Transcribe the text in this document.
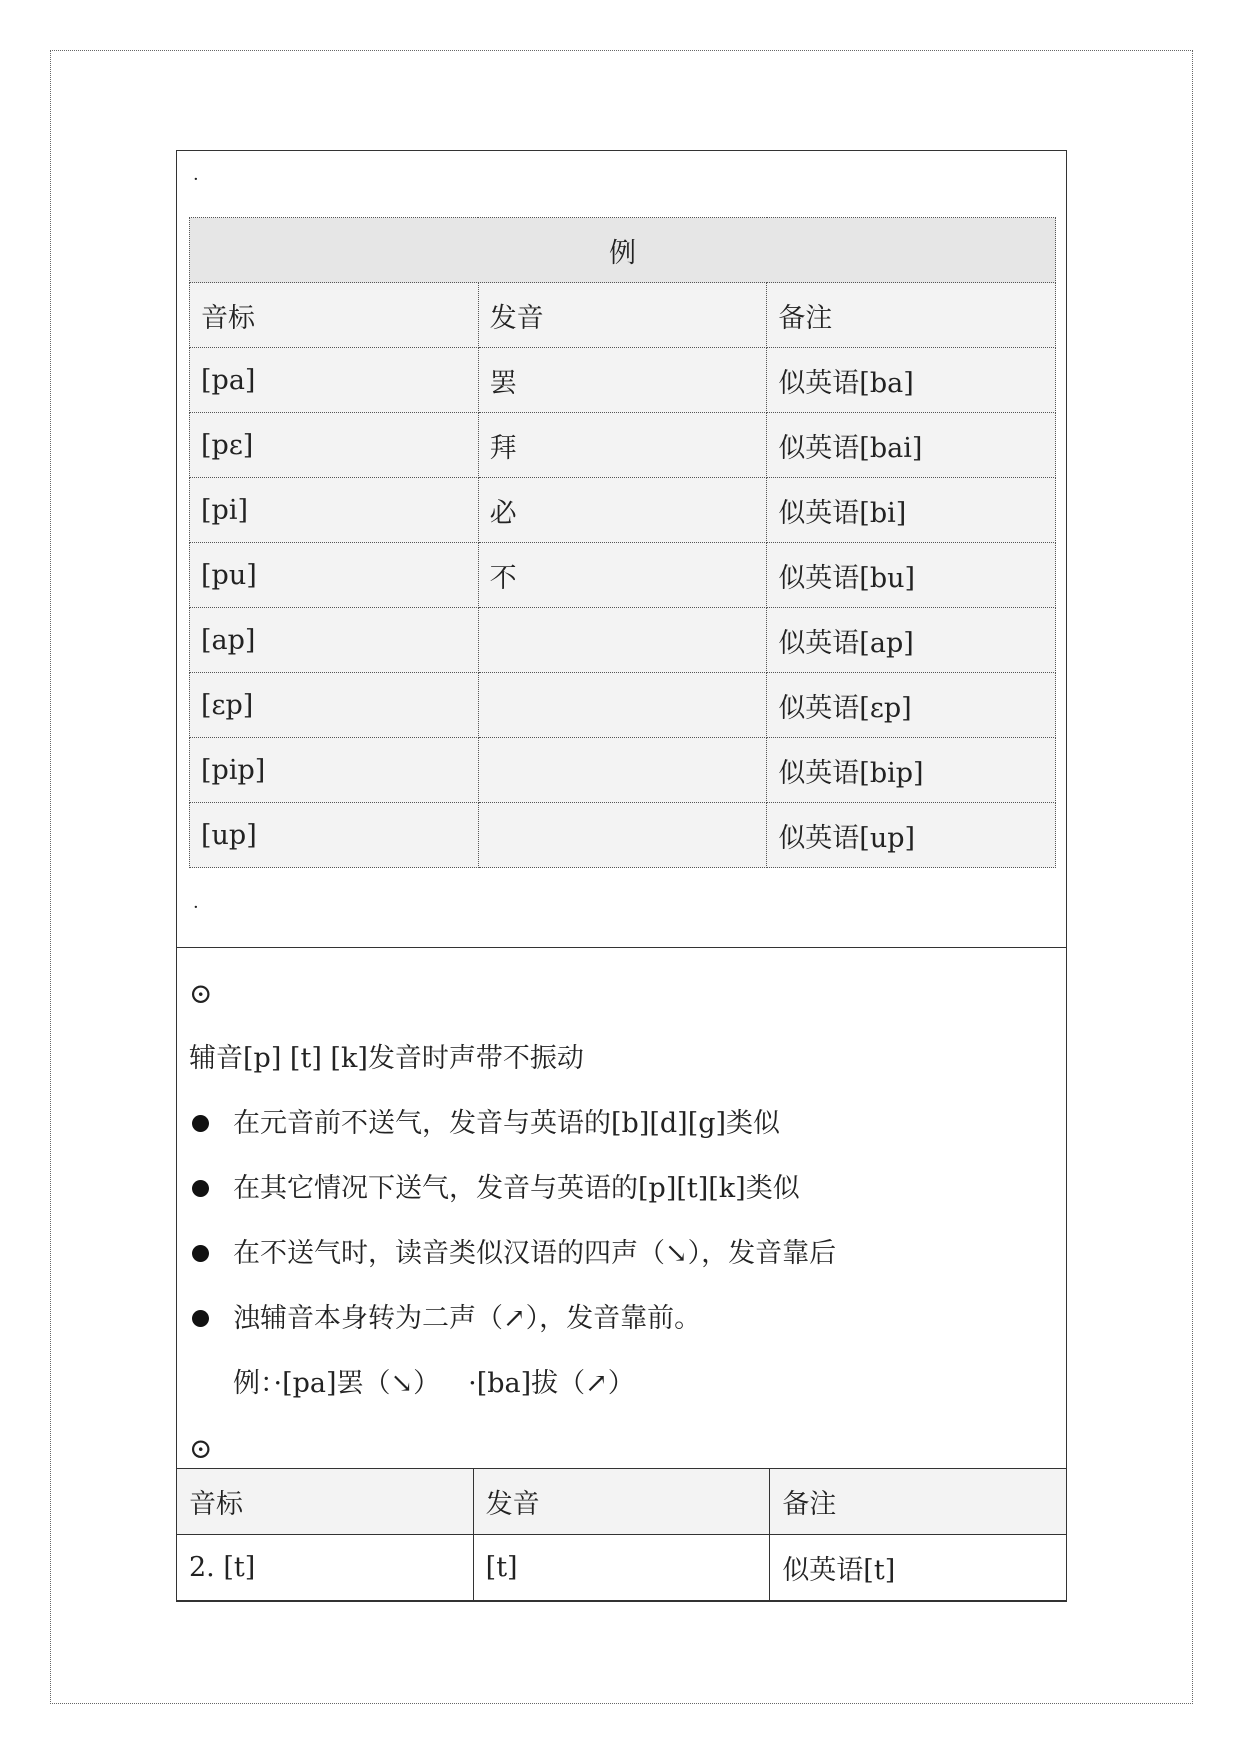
·
例		
音标	发音	备注
[pa]	罢	似英语[ba]
[pε]	拜	似英语[bai]
[pi]	必	似英语[bi]
[pu]	不	似英语[bu]
[ap]		似英语[ap]
[εp]		似英语[εp]
[pip]		似英语[bip]
[up]		似英语[up]
·
⊙
辅音[p] [t] [k]发音时声带不振动
在元音前不送气，发音与英语的[b][d][g]类似
在其它情况下送气，发音与英语的[p][t][k]类似
在不送气时，读音类似汉语的四声（↘），发音靠后
浊辅音本身转为二声（↗），发音靠前。
例：·[pa]罢（↘） ·[ba]拔（↗）
⊙
音标	发音	备注
2. [t]	[t]	似英语[t]
